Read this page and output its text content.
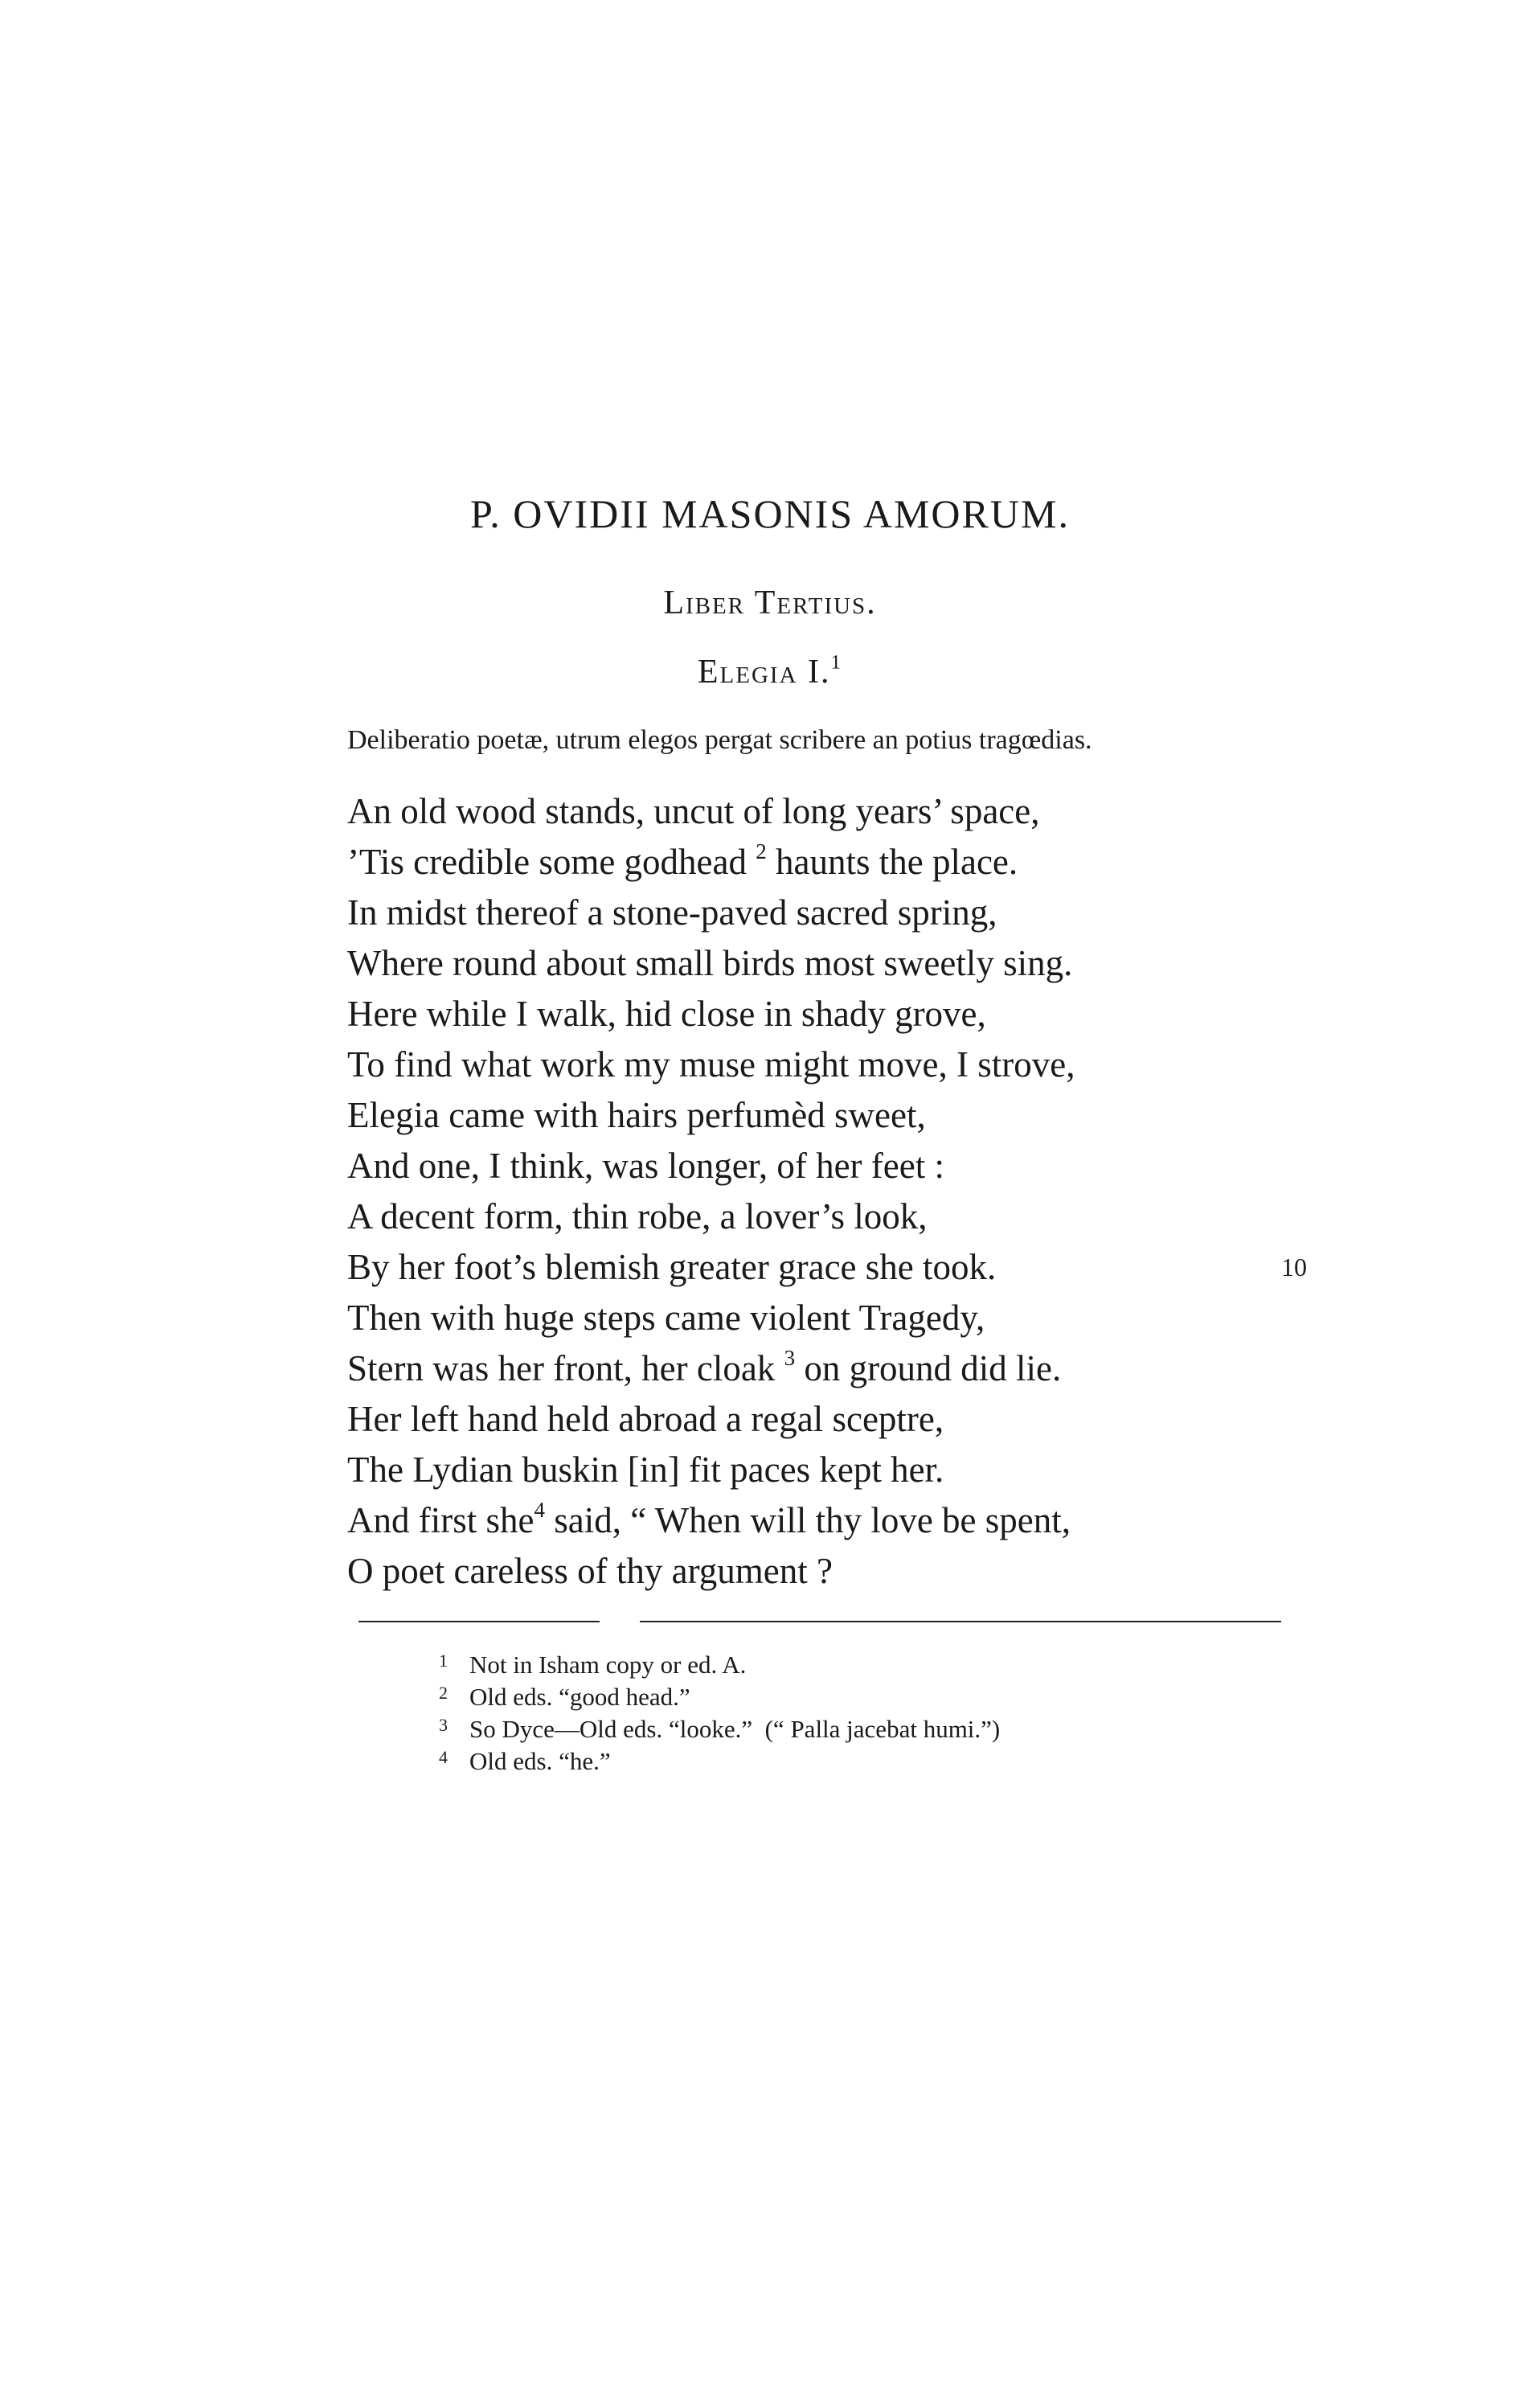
P. OVIDII MASONIS AMORUM.
Liber Tertius.
Elegia I.$^1$
Deliberatio poetæ, utrum elegos pergat scribere an potius tragœdias.
An old wood stands, uncut of long years’ space,
’Tis credible some godhead $^2$ haunts the place.
In midst thereof a stone-paved sacred spring,
Where round about small birds most sweetly sing.
Here while I walk, hid close in shady grove,
To find what work my muse might move, I strove,
Elegia came with hairs perfumèd sweet,
And one, I think, was longer, of her feet :
A decent form, thin robe, a lover’s look,
By her foot’s blemish greater grace she took.	10
Then with huge steps came violent Tragedy,
Stern was her front, her cloak $^3$ on ground did lie.
Her left hand held abroad a regal sceptre,
The Lydian buskin [in] fit paces kept her.
And first she$^4$ said, “ When will thy love be spent,
O poet careless of thy argument ?
1 Not in Isham copy or ed. A.
2 Old eds. “good head.”
3 So Dyce—Old eds. “looke.”  (“ Palla jacebat humi.”)
4 Old eds. “he.”
